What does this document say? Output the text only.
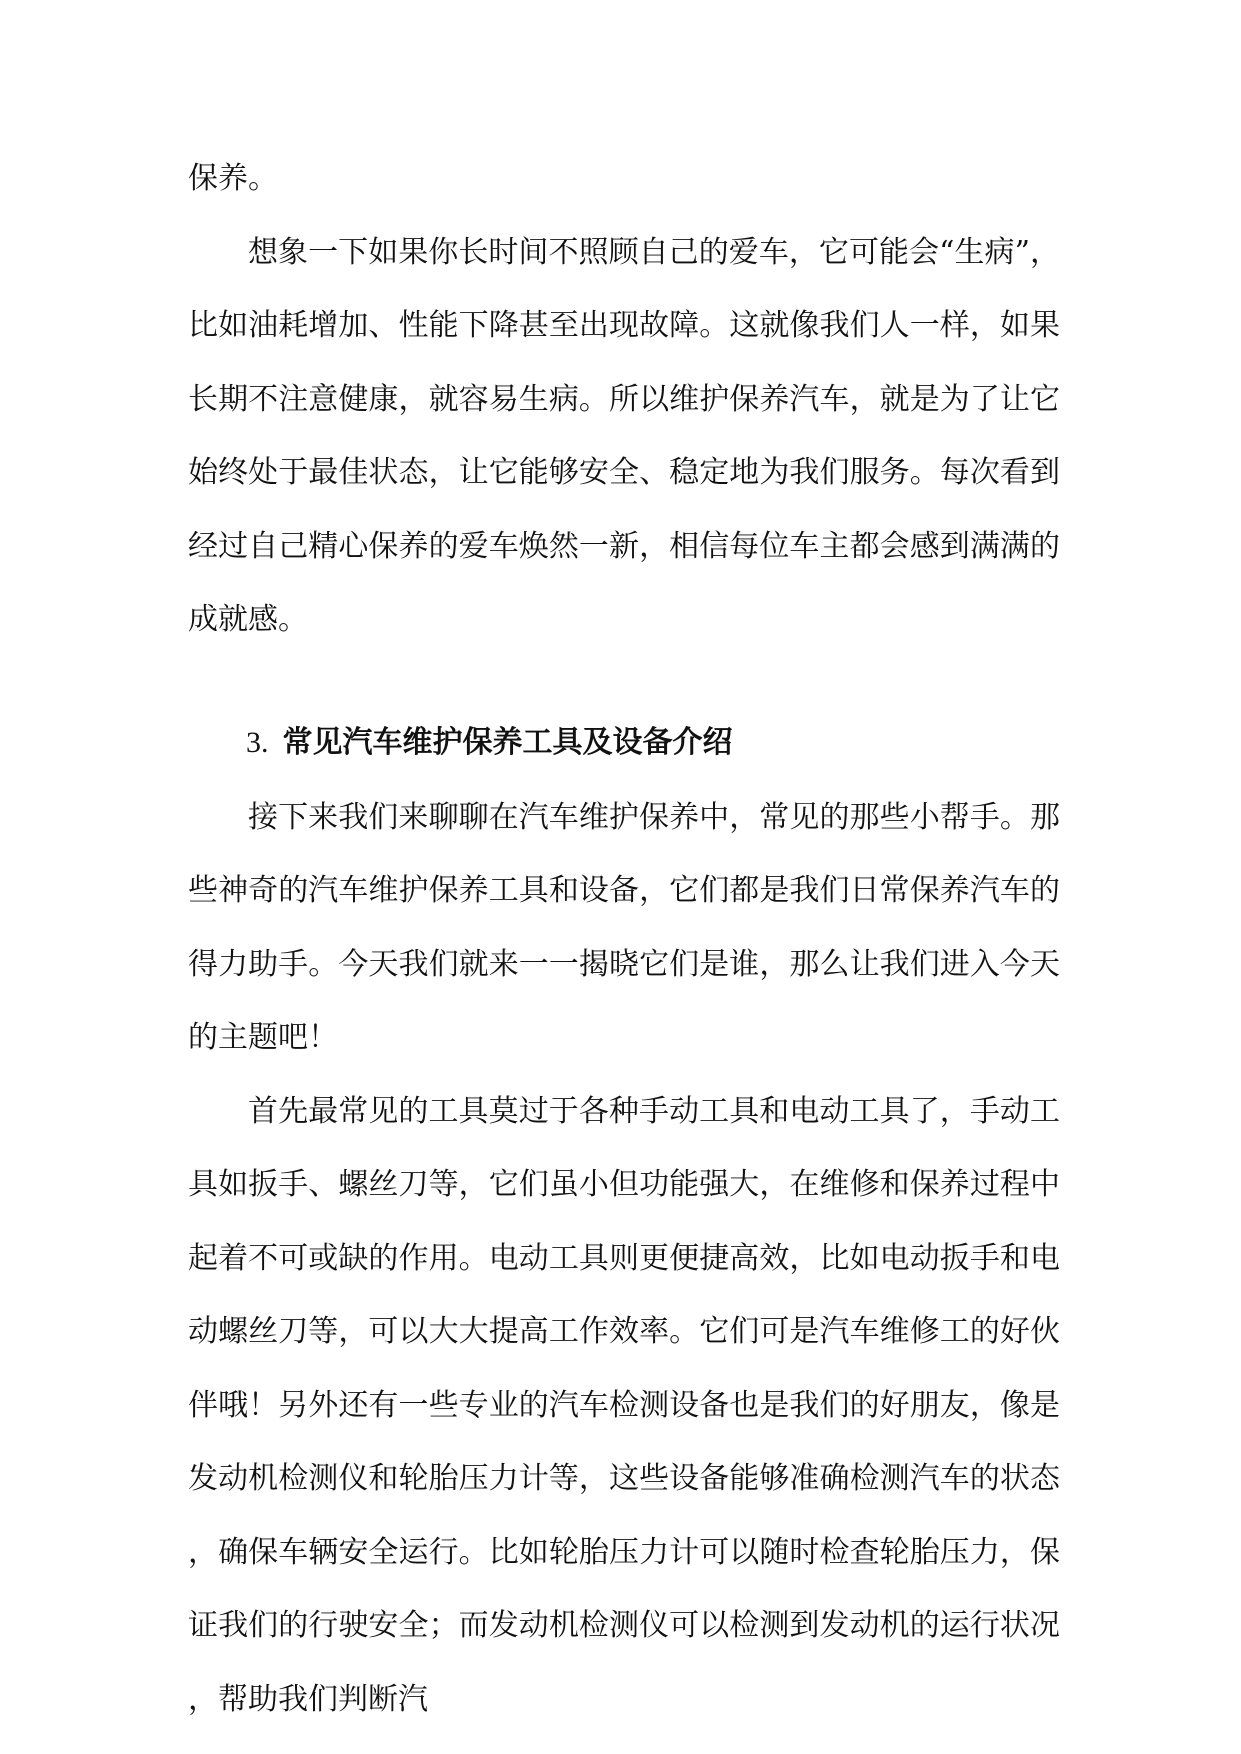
保养。

想象一下如果你长时间不照顾自己的爱车，它可能会“生病”，比如油耗增加、性能下降甚至出现故障。这就像我们人一样，如果长期不注意健康，就容易生病。所以维护保养汽车，就是为了让它始终处于最佳状态，让它能够安全、稳定地为我们服务。每次看到经过自己精心保养的爱车焕然一新，相信每位车主都会感到满满的成就感。

3. 常见汽车维护保养工具及设备介绍

接下来我们来聊聊在汽车维护保养中，常见的那些小帮手。那些神奇的汽车维护保养工具和设备，它们都是我们日常保养汽车的得力助手。今天我们就来一一揭晓它们是谁，那么让我们进入今天的主题吧！

首先最常见的工具莫过于各种手动工具和电动工具了，手动工具如扳手、螺丝刀等，它们虽小但功能强大，在维修和保养过程中起着不可或缺的作用。电动工具则更便捷高效，比如电动扳手和电动螺丝刀等，可以大大提高工作效率。它们可是汽车维修工的好伙伴哦！另外还有一些专业的汽车检测设备也是我们的好朋友，像是发动机检测仪和轮胎压力计等，这些设备能够准确检测汽车的状态，确保车辆安全运行。比如轮胎压力计可以随时检查轮胎压力，保证我们的行驶安全；而发动机检测仪可以检测到发动机的运行状况，帮助我们判断汽
